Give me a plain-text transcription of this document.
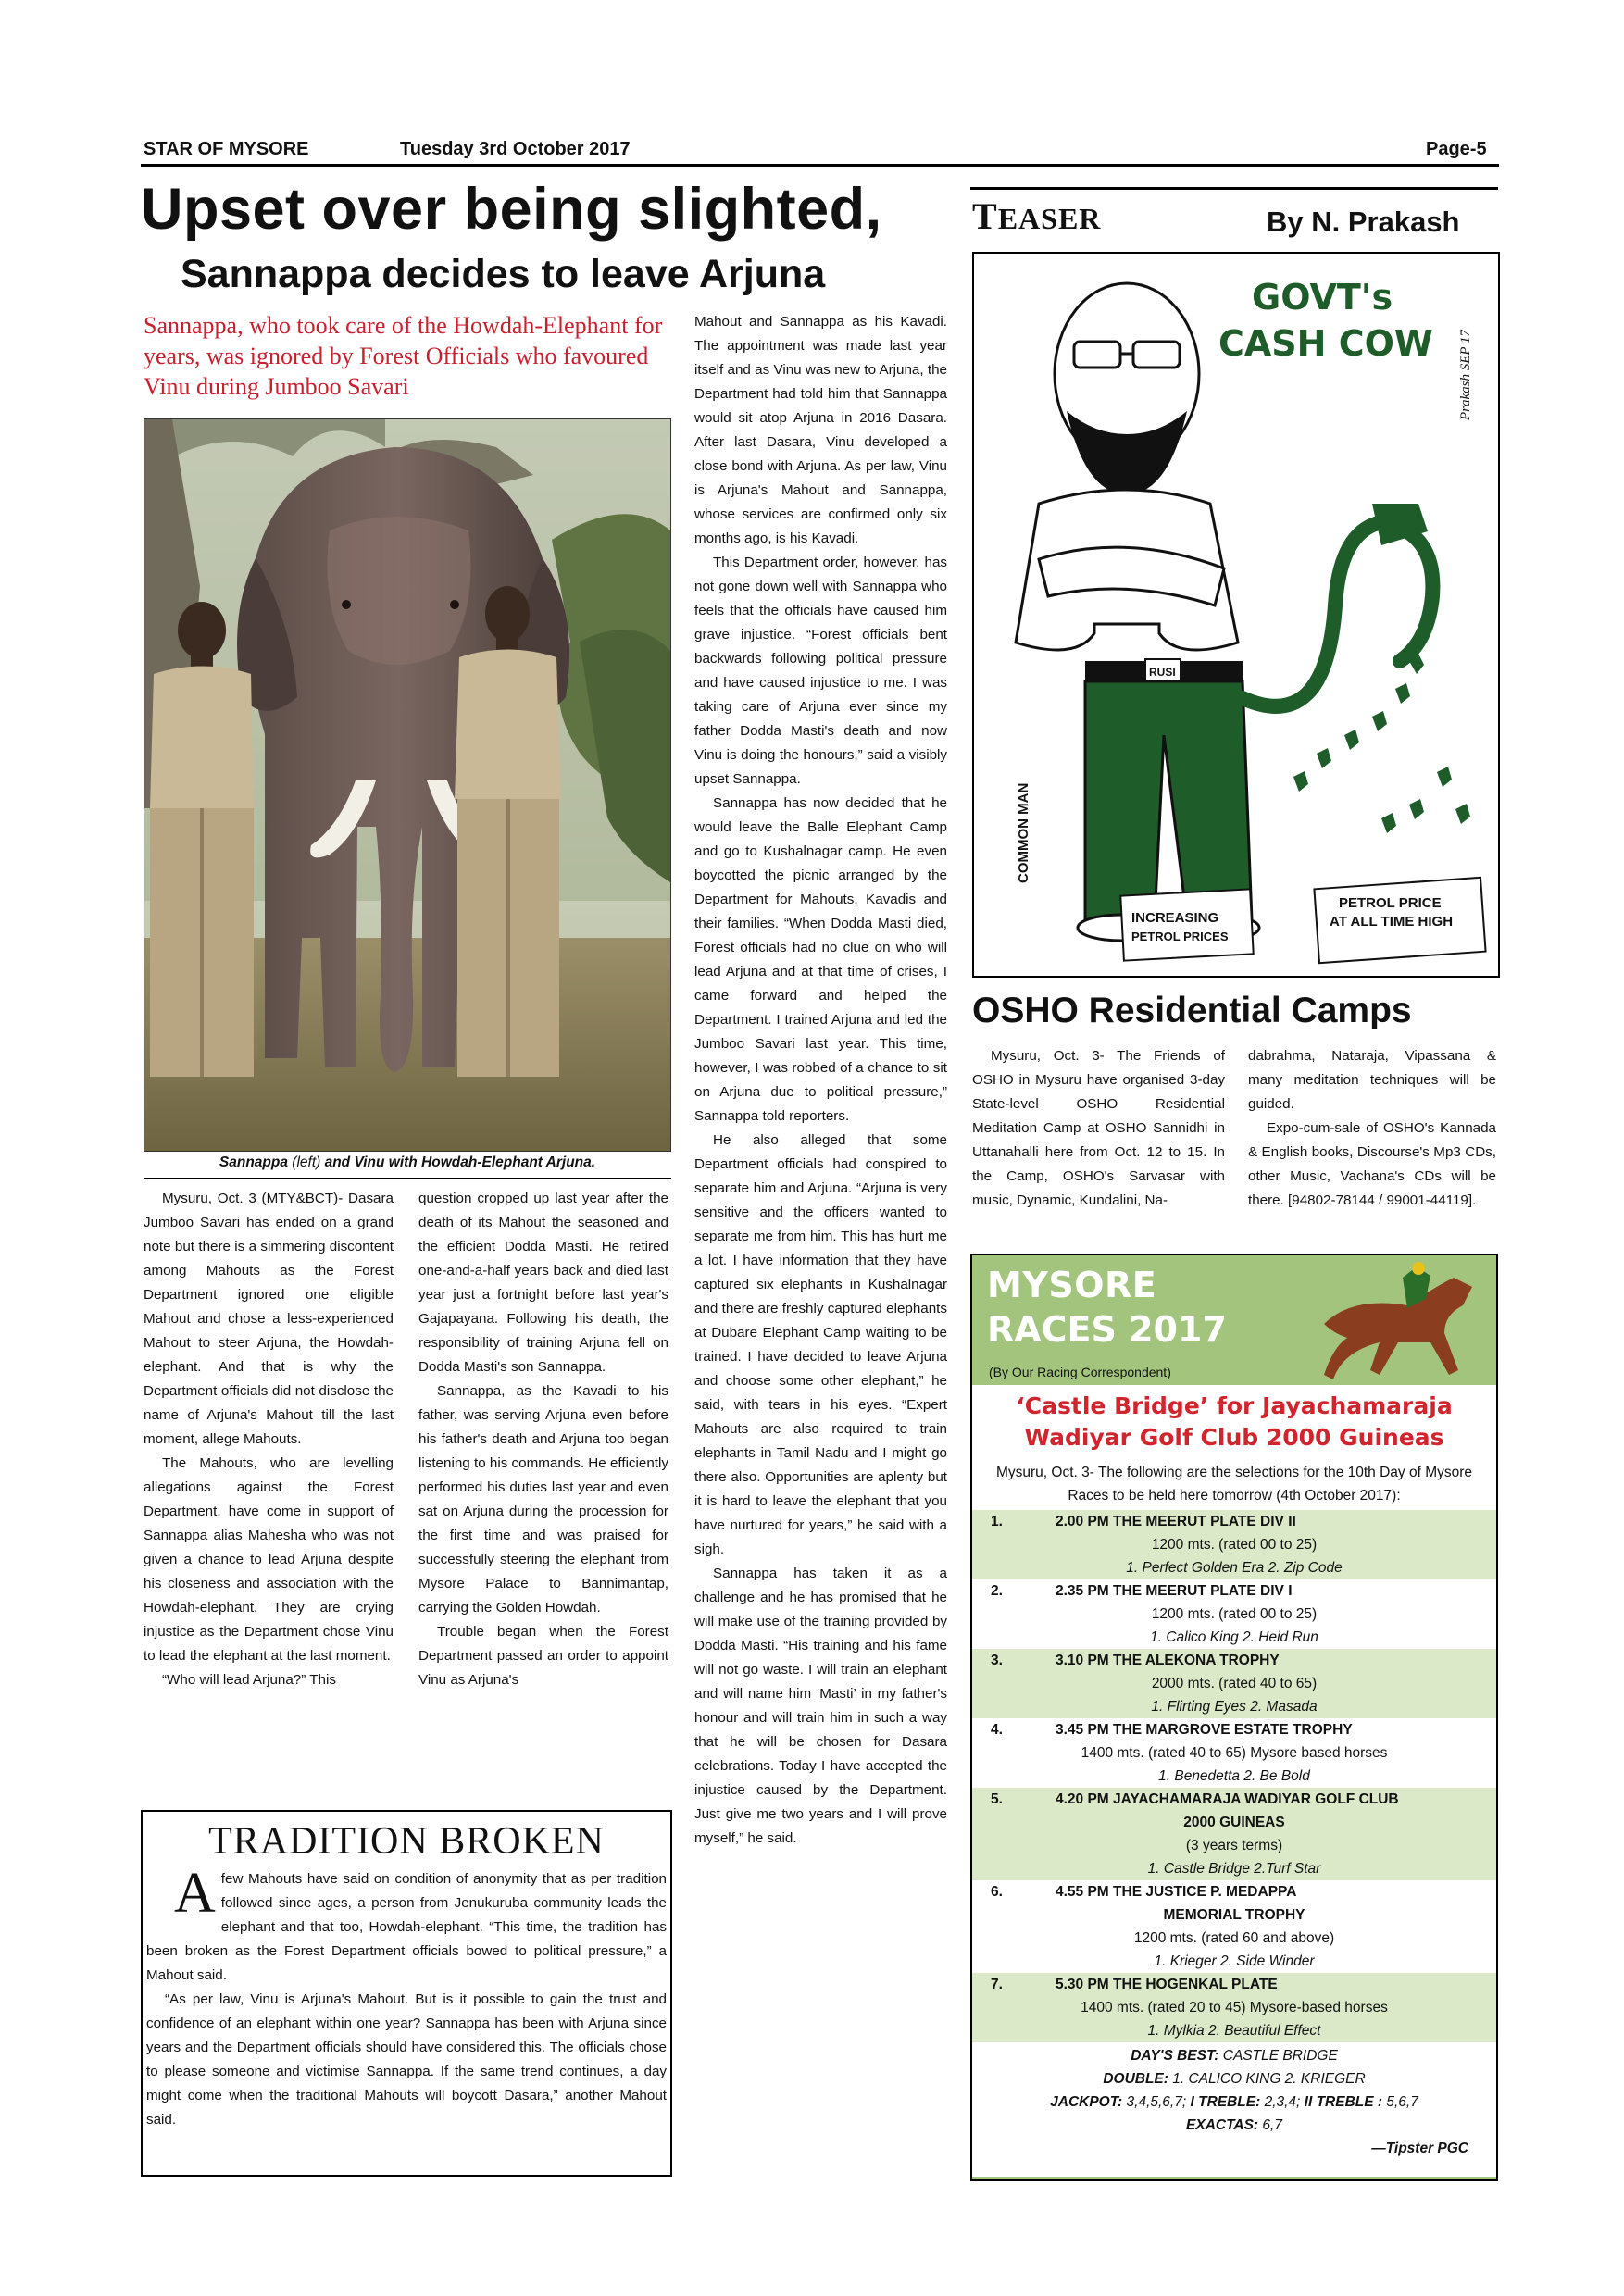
STAR OF MYSORE	Tuesday 3rd October 2017	Page-5
Upset over being slighted,
Sannappa decides to leave Arjuna
Sannappa, who took care of the Howdah-Elephant for years, was ignored by Forest Officials who favoured Vinu during Jumboo Savari
Sannappa (left) and Vinu with Howdah-Elephant Arjuna.

Mysuru, Oct. 3 (MTY&BCT)- Dasara Jumboo Savari has ended on a grand note but there is a simmering discontent among Mahouts as the Forest Department ignored one eligible Mahout and chose a less-experienced Mahout to steer Arjuna, the Howdah-elephant. And that is why the Department officials did not disclose the name of Arjuna's Mahout till the last moment, allege Mahouts.

The Mahouts, who are levelling allegations against the Forest Department, have come in support of Sannappa alias Mahesha who was not given a chance to lead Arjuna despite his closeness and association with the Howdah-elephant. They are crying injustice as the Department chose Vinu to lead the elephant at the last moment.

“Who will lead Arjuna?” This

question cropped up last year after the death of its Mahout the seasoned and the efficient Dodda Masti. He retired one-and-a-half years back and died last year just a fortnight before last year's Gajapayana. Following his death, the responsibility of training Arjuna fell on Dodda Masti's son Sannappa.

Sannappa, as the Kavadi to his father, was serving Arjuna even before his father's death and Arjuna too began listening to his commands. He efficiently performed his duties last year and even sat on Arjuna during the procession for the first time and was praised for successfully steering the elephant from Mysore Palace to Bannimantap, carrying the Golden Howdah.

Trouble began when the Forest Department passed an order to appoint Vinu as Arjuna's

Mahout and Sannappa as his Kavadi. The appointment was made last year itself and as Vinu was new to Arjuna, the Department had told him that Sannappa would sit atop Arjuna in 2016 Dasara. After last Dasara, Vinu developed a close bond with Arjuna. As per law, Vinu is Arjuna's Mahout and Sannappa, whose services are confirmed only six months ago, is his Kavadi.

This Department order, however, has not gone down well with Sannappa who feels that the officials have caused him grave injustice. “Forest officials bent backwards following political pressure and have caused injustice to me. I was taking care of Arjuna ever since my father Dodda Masti's death and now Vinu is doing the honours,” said a visibly upset Sannappa.

Sannappa has now decided that he would leave the Balle Elephant Camp and go to Kushalnagar camp. He even boycotted the picnic arranged by the Department for Mahouts, Kavadis and their families. “When Dodda Masti died, Forest officials had no clue on who will lead Arjuna and at that time of crises, I came forward and helped the Department. I trained Arjuna and led the Jumboo Savari last year. This time, however, I was robbed of a chance to sit on Arjuna due to political pressure,” Sannappa told reporters.

He also alleged that some Department officials had conspired to separate him and Arjuna. “Arjuna is very sensitive and the officers wanted to separate me from him. This has hurt me a lot. I have information that they have captured six elephants in Kushalnagar and there are freshly captured elephants at Dubare Elephant Camp waiting to be trained. I have decided to leave Arjuna and choose some other elephant,” he said, with tears in his eyes. “Expert Mahouts are also required to train elephants in Tamil Nadu and I might go there also. Opportunities are aplenty but it is hard to leave the elephant that you have nurtured for years,” he said with a sigh.

Sannappa has taken it as a challenge and he has promised that he will make use of the training provided by Dodda Masti. “His training and his fame will not go waste. I will train an elephant and will name him ‘Masti’ in my father's honour and will train him in such a way that he will be chosen for Dasara celebrations. Today I have accepted the injustice caused by the Department. Just give me two years and I will prove myself,” he said.

TRADITION BROKEN

Afew Mahouts have said on condition of anonymity that as per tradition followed since ages, a person from Jenukuruba community leads the elephant and that too, Howdah-elephant. “This time, the tradition has been broken as the Forest Department officials bowed to political pressure,” a Mahout said.

“As per law, Vinu is Arjuna's Mahout. But is it possible to gain the trust and confidence of an elephant within one year? Sannappa has been with Arjuna since years and the Department officials should have considered this. The officials chose to please someone and victimise Sannappa. If the same trend continues, a day might come when the traditional Mahouts will boycott Dasara,” another Mahout said.

TEASER	By N. Prakash
RUSI
INCREASING
PETROL PRICES
PETROL PRICE
AT ALL TIME HIGH
GOVT's
CASH COW
COMMON MAN
Prakash SEP 17
OSHO Residential Camps

Mysuru, Oct. 3- The Friends of OSHO in Mysuru have organised 3-day State-level OSHO Residential Meditation Camp at OSHO Sannidhi in Uttanahalli here from Oct. 12 to 15. In the Camp, OSHO's Sarvasar with music, Dynamic, Kundalini, Na-

dabrahma, Nataraja, Vipassana & many meditation techniques will be guided.

Expo-cum-sale of OSHO's Kannada & English books, Discourse's Mp3 CDs, other Music, Vachana's CDs will be there. [94802-78144 / 99001-44119].

MYSORE
RACES 2017
(By Our Racing Correspondent)
‘Castle Bridge’ for Jayachamaraja
Wadiyar Golf Club 2000 Guineas
Mysuru, Oct. 3- The following are the selections for the 10th Day of Mysore Races to be held here tomorrow (4th October 2017):
1.	2.00 PM THE MEERUT PLATE DIV II
1200 mts. (rated 00 to 25)
1. Perfect Golden Era 2. Zip Code
2.	2.35 PM THE MEERUT PLATE DIV I
1200 mts. (rated 00 to 25)
1. Calico King 2. Heid Run
3.	3.10 PM THE ALEKONA TROPHY
2000 mts. (rated 40 to 65)
1. Flirting Eyes 2. Masada
4.	3.45 PM THE MARGROVE ESTATE TROPHY
1400 mts. (rated 40 to 65) Mysore based horses
1. Benedetta 2. Be Bold
5.	4.20 PM JAYACHAMARAJA WADIYAR GOLF CLUB
2000 GUINEAS
(3 years terms)
1. Castle Bridge 2.Turf Star
6.	4.55 PM THE JUSTICE P. MEDAPPA
MEMORIAL TROPHY
1200 mts. (rated 60 and above)
1. Krieger 2. Side Winder
7.	5.30 PM THE HOGENKAL PLATE
1400 mts. (rated 20 to 45) Mysore-based horses
1. Mylkia 2. Beautiful Effect
DAY'S BEST: CASTLE BRIDGE
DOUBLE: 1. CALICO KING 2. KRIEGER
JACKPOT: 3,4,5,6,7; I TREBLE: 2,3,4; II TREBLE : 5,6,7
EXACTAS: 6,7
—Tipster PGC
